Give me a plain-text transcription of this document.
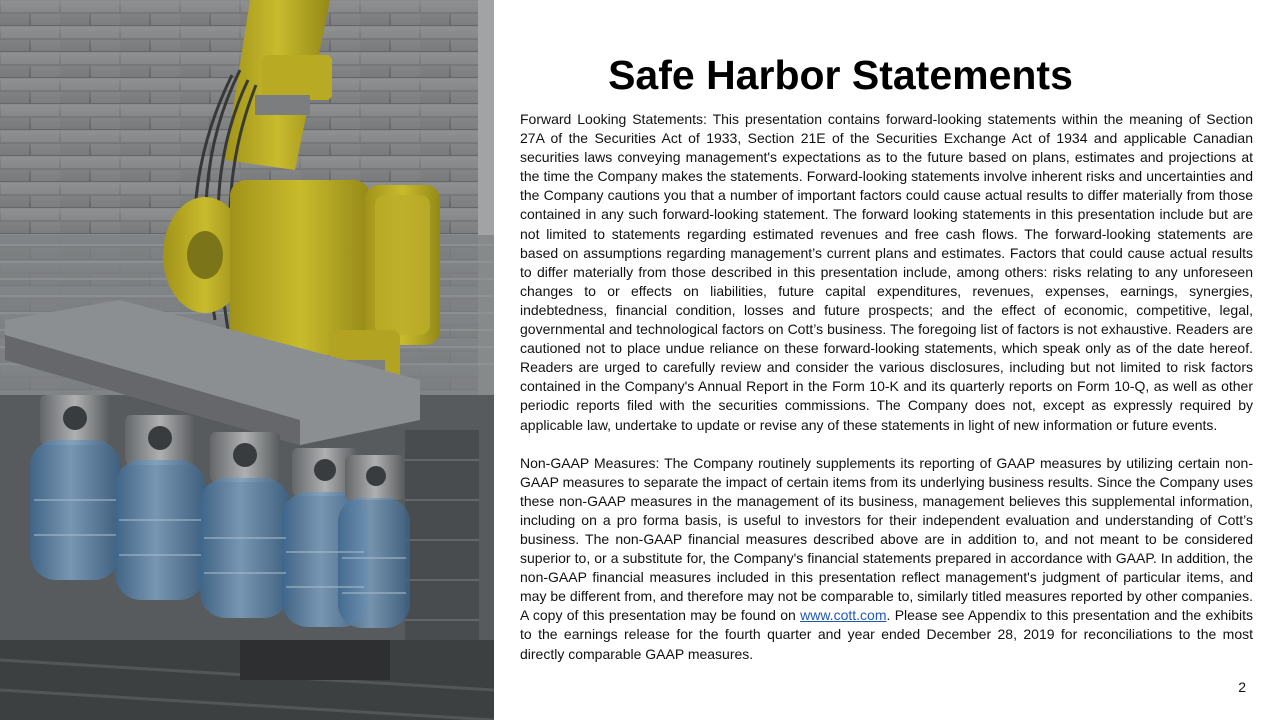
Safe Harbor Statements

Forward Looking Statements: This presentation contains forward-looking statements within the meaning of Section 27A of the Securities Act of 1933, Section 21E of the Securities Exchange Act of 1934 and applicable Canadian securities laws conveying management's expectations as to the future based on plans, estimates and projections at the time the Company makes the statements. Forward-looking statements involve inherent risks and uncertainties and the Company cautions you that a number of important factors could cause actual results to differ materially from those contained in any such forward-looking statement. The forward looking statements in this presentation include but are not limited to statements regarding estimated revenues and free cash flows. The forward-looking statements are based on assumptions regarding management’s current plans and estimates. Factors that could cause actual results to differ materially from those described in this presentation include, among others: risks relating to any unforeseen changes to or effects on liabilities, future capital expenditures, revenues, expenses, earnings, synergies, indebtedness, financial condition, losses and future prospects; and the effect of economic, competitive, legal, governmental and technological factors on Cott’s business. The foregoing list of factors is not exhaustive. Readers are cautioned not to place undue reliance on these forward-looking statements, which speak only as of the date hereof. Readers are urged to carefully review and consider the various disclosures, including but not limited to risk factors contained in the Company's Annual Report in the Form 10-K and its quarterly reports on Form 10-Q, as well as other periodic reports filed with the securities commissions. The Company does not, except as expressly required by applicable law, undertake to update or revise any of these statements in light of new information or future events.

Non-GAAP Measures: The Company routinely supplements its reporting of GAAP measures by utilizing certain non-GAAP measures to separate the impact of certain items from its underlying business results. Since the Company uses these non-GAAP measures in the management of its business, management believes this supplemental information, including on a pro forma basis, is useful to investors for their independent evaluation and understanding of Cott’s business. The non-GAAP financial measures described above are in addition to, and not meant to be considered superior to, or a substitute for, the Company's financial statements prepared in accordance with GAAP. In addition, the non-GAAP financial measures included in this presentation reflect management's judgment of particular items, and may be different from, and therefore may not be comparable to, similarly titled measures reported by other companies. A copy of this presentation may be found on www.cott.com. Please see Appendix to this presentation and the exhibits to the earnings release for the fourth quarter and year ended December 28, 2019 for reconciliations to the most directly comparable GAAP measures.

2
